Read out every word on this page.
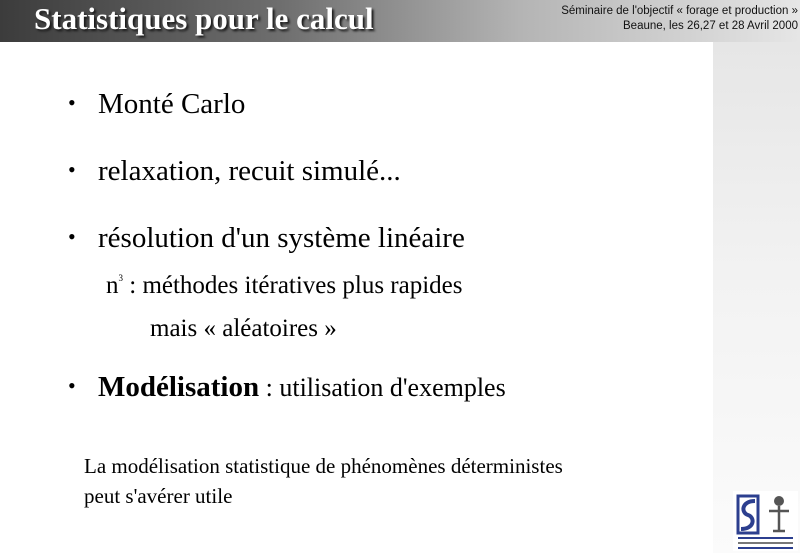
Statistiques pour le calcul	Séminaire de l'objectif « forage et production »
Beaune, les 26,27 et 28 Avril 2000
• Monté Carlo
• relaxation, recuit simulé...
• résolution d'un système linéaire
$n^3$ : méthodes itératives plus rapides
mais « aléatoires »
• Modélisation : utilisation d'exemples
La modélisation statistique de phénomènes déterministes
peut s'avérer utile
